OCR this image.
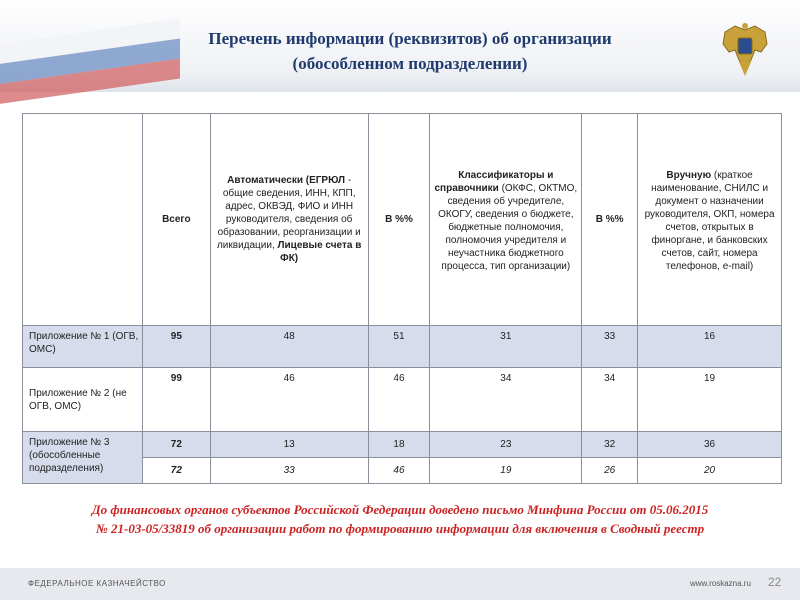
Перечень информации (реквизитов) об организации
(обособленном подразделении)
	Всего	Автоматически (ЕГРЮЛ - общие сведения, ИНН, КПП, адрес, ОКВЭД, ФИО и ИНН руководителя, сведения об образовании, реорганизации и ликвидации, Лицевые счета в ФК)	В %%	Классификаторы и справочники (ОКФС, ОКТМО, сведения об учредителе, ОКОГУ, сведения о бюджете, бюджетные полномочия, полномочия учредителя и неучастника бюджетного процесса, тип организации)	В %%	Вручную (краткое наименование, СНИЛС и документ о назначении руководителя, ОКП, номера счетов, открытых в финоргане, и банковских счетов, сайт, номера телефонов, e-mail)
Приложение № 1 (ОГВ, ОМС)	95	48	51	31	33	16
Приложение № 2 (не ОГВ, ОМС)	99	46	46	34	34	19
Приложение № 3 (обособленные подразделения)	72	13	18	23	32	36
	72	33	46	19	26	20
До финансовых органов субъектов Российской Федерации доведено письмо Минфина России от 05.06.2015
№ 21-03-05/33819 об организации работ по формированию информации для включения в Сводный реестр
ФЕДЕРАЛЬНОЕ КАЗНАЧЕЙСТВО	www.roskazna.ru 22
